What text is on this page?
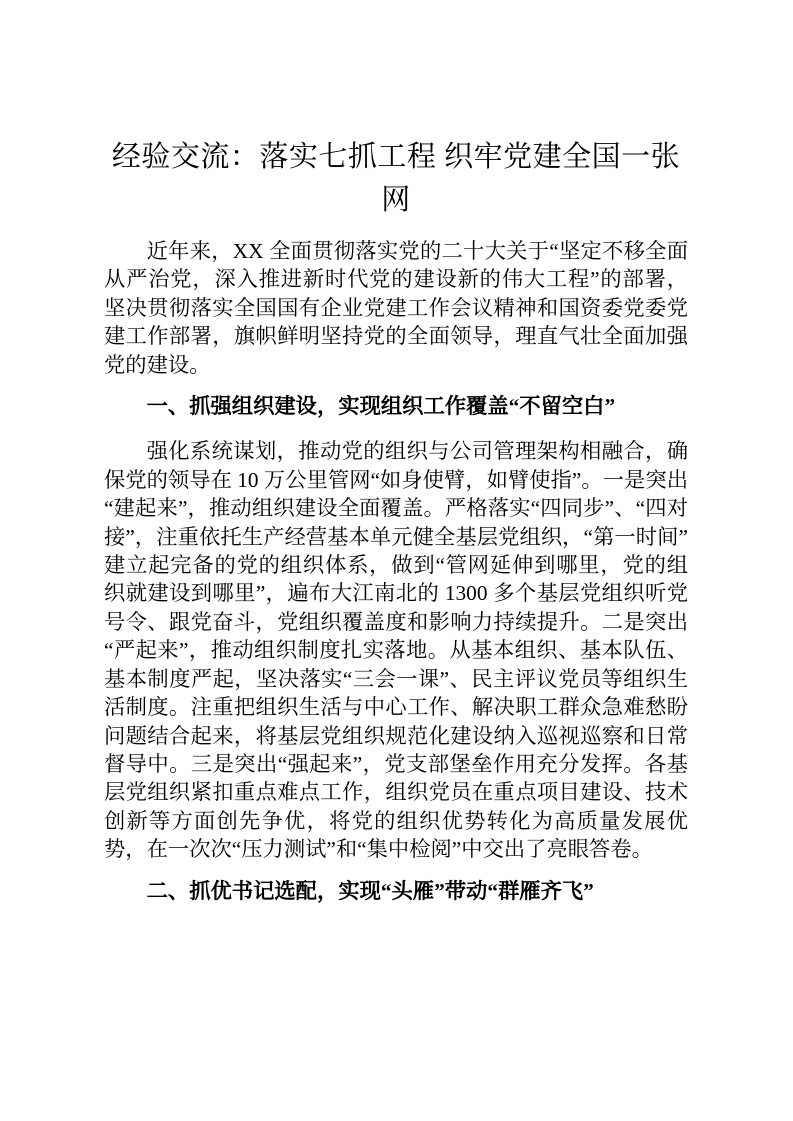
经验交流：落实七抓工程 织牢党建全国一张网

近年来，XX 全面贯彻落实党的二十大关于“坚定不移全面从严治党，深入推进新时代党的建设新的伟大工程”的部署，坚决贯彻落实全国国有企业党建工作会议精神和国资委党委党建工作部署，旗帜鲜明坚持党的全面领导，理直气壮全面加强党的建设。

一、抓强组织建设，实现组织工作覆盖“不留空白”

强化系统谋划，推动党的组织与公司管理架构相融合，确保党的领导在 10 万公里管网“如身使臂，如臂使指”。一是突出“建起来”，推动组织建设全面覆盖。严格落实“四同步”、“四对接”，注重依托生产经营基本单元健全基层党组织，“第一时间”建立起完备的党的组织体系，做到“管网延伸到哪里，党的组织就建设到哪里”，遍布大江南北的 1300 多个基层党组织听党号令、跟党奋斗，党组织覆盖度和影响力持续提升。二是突出“严起来”，推动组织制度扎实落地。从基本组织、基本队伍、基本制度严起，坚决落实“三会一课”、民主评议党员等组织生活制度。注重把组织生活与中心工作、解决职工群众急难愁盼问题结合起来，将基层党组织规范化建设纳入巡视巡察和日常督导中。三是突出“强起来”，党支部堡垒作用充分发挥。各基层党组织紧扣重点难点工作，组织党员在重点项目建设、技术创新等方面创先争优，将党的组织优势转化为高质量发展优势，在一次次“压力测试”和“集中检阅”中交出了亮眼答卷。

二、抓优书记选配，实现“头雁”带动“群雁齐飞”
